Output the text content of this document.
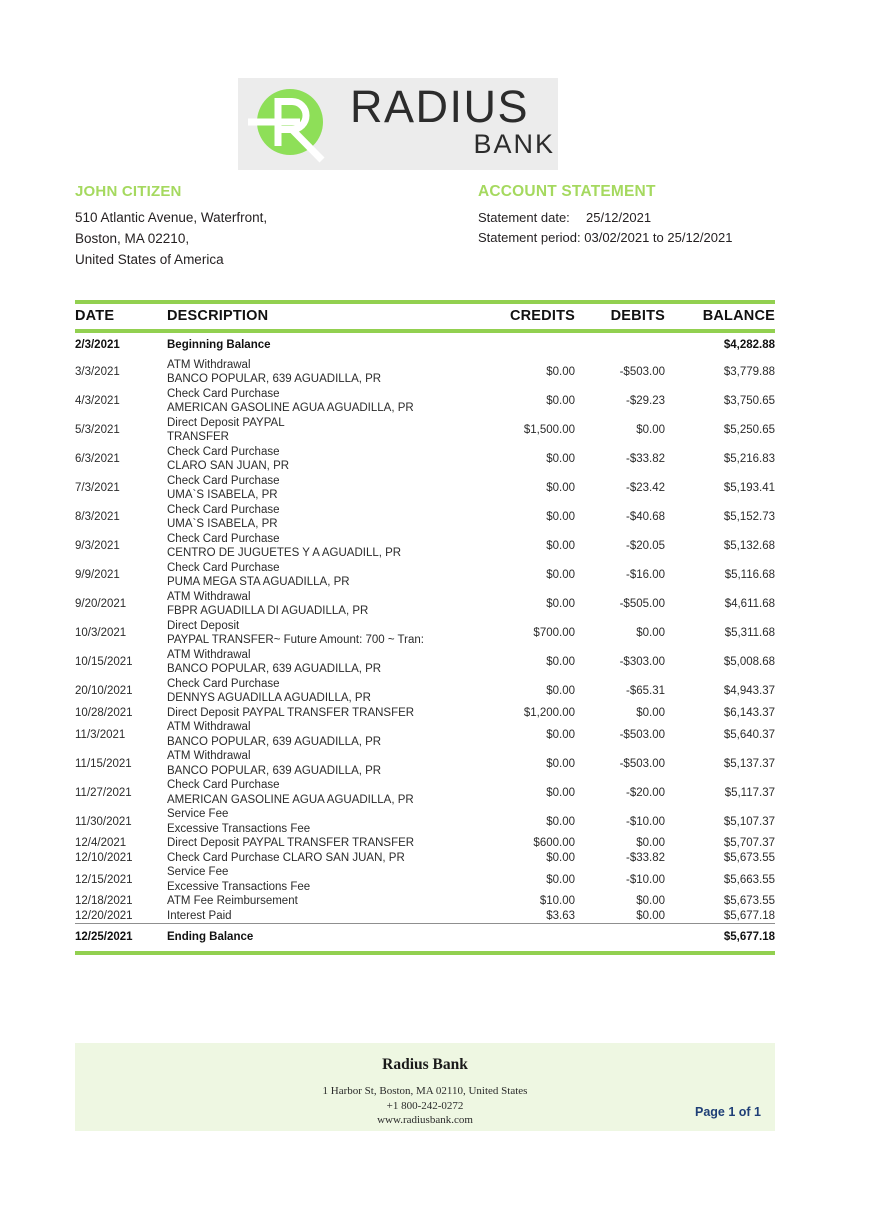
RADIUS
BANK
JOHN CITIZEN
510 Atlantic Avenue, Waterfront,
Boston, MA 02210,
United States of America
ACCOUNT STATEMENT
Statement date: 25/12/2021
Statement period: 03/02/2021 to 25/12/2021
DATE	DESCRIPTION	CREDITS	DEBITS	BALANCE
2/3/2021	Beginning Balance			$4,282.88
3/3/2021	ATM Withdrawal
BANCO POPULAR, 639 AGUADILLA, PR	$0.00	-$503.00	$3,779.88
4/3/2021	Check Card Purchase
AMERICAN GASOLINE AGUA AGUADILLA, PR	$0.00	-$29.23	$3,750.65
5/3/2021	Direct Deposit PAYPAL
TRANSFER	$1,500.00	$0.00	$5,250.65
6/3/2021	Check Card Purchase
CLARO SAN JUAN, PR	$0.00	-$33.82	$5,216.83
7/3/2021	Check Card Purchase
UMA`S ISABELA, PR	$0.00	-$23.42	$5,193.41
8/3/2021	Check Card Purchase
UMA`S ISABELA, PR	$0.00	-$40.68	$5,152.73
9/3/2021	Check Card Purchase
CENTRO DE JUGUETES Y A AGUADILL, PR	$0.00	-$20.05	$5,132.68
9/9/2021	Check Card Purchase
PUMA MEGA STA AGUADILLA, PR	$0.00	-$16.00	$5,116.68
9/20/2021	ATM Withdrawal
FBPR AGUADILLA DI AGUADILLA, PR	$0.00	-$505.00	$4,611.68
10/3/2021	Direct Deposit
PAYPAL TRANSFER~ Future Amount: 700 ~ Tran:	$700.00	$0.00	$5,311.68
10/15/2021	ATM Withdrawal
BANCO POPULAR, 639 AGUADILLA, PR	$0.00	-$303.00	$5,008.68
20/10/2021	Check Card Purchase
DENNYS AGUADILLA AGUADILLA, PR	$0.00	-$65.31	$4,943.37
10/28/2021	Direct Deposit PAYPAL TRANSFER TRANSFER	$1,200.00	$0.00	$6,143.37
11/3/2021	ATM Withdrawal
BANCO POPULAR, 639 AGUADILLA, PR	$0.00	-$503.00	$5,640.37
11/15/2021	ATM Withdrawal
BANCO POPULAR, 639 AGUADILLA, PR	$0.00	-$503.00	$5,137.37
11/27/2021	Check Card Purchase
AMERICAN GASOLINE AGUA AGUADILLA, PR	$0.00	-$20.00	$5,117.37
11/30/2021	Service Fee
Excessive Transactions Fee	$0.00	-$10.00	$5,107.37
12/4/2021	Direct Deposit PAYPAL TRANSFER TRANSFER	$600.00	$0.00	$5,707.37
12/10/2021	Check Card Purchase CLARO SAN JUAN, PR	$0.00	-$33.82	$5,673.55
12/15/2021	Service Fee
Excessive Transactions Fee	$0.00	-$10.00	$5,663.55
12/18/2021	ATM Fee Reimbursement	$10.00	$0.00	$5,673.55
12/20/2021	Interest Paid	$3.63	$0.00	$5,677.18
12/25/2021	Ending Balance			$5,677.18
Radius Bank
1 Harbor St, Boston, MA 02110, United States
+1 800-242-0272
www.radiusbank.com
Page 1 of 1
